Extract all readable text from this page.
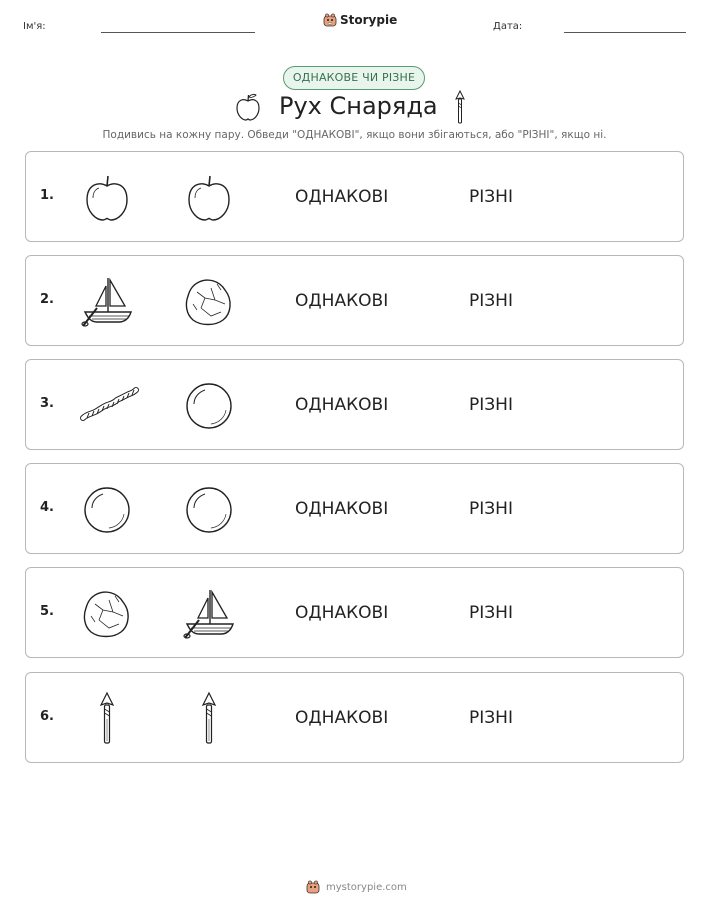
Ім'я:	Storypie	Дата:
ОДНАКОВЕ ЧИ РІЗНЕ
Рух Снаряда
Подивись на кожну пару. Обведи "ОДНАКОВІ", якщо вони збігаються, або "РІЗНІ", якщо ні.
1.	ОДНАКОВІ	РІЗНІ
2.	ОДНАКОВІ	РІЗНІ
3.	ОДНАКОВІ	РІЗНІ
4.	ОДНАКОВІ	РІЗНІ
5.	ОДНАКОВІ	РІЗНІ
6.	ОДНАКОВІ	РІЗНІ
mystorypie.com
